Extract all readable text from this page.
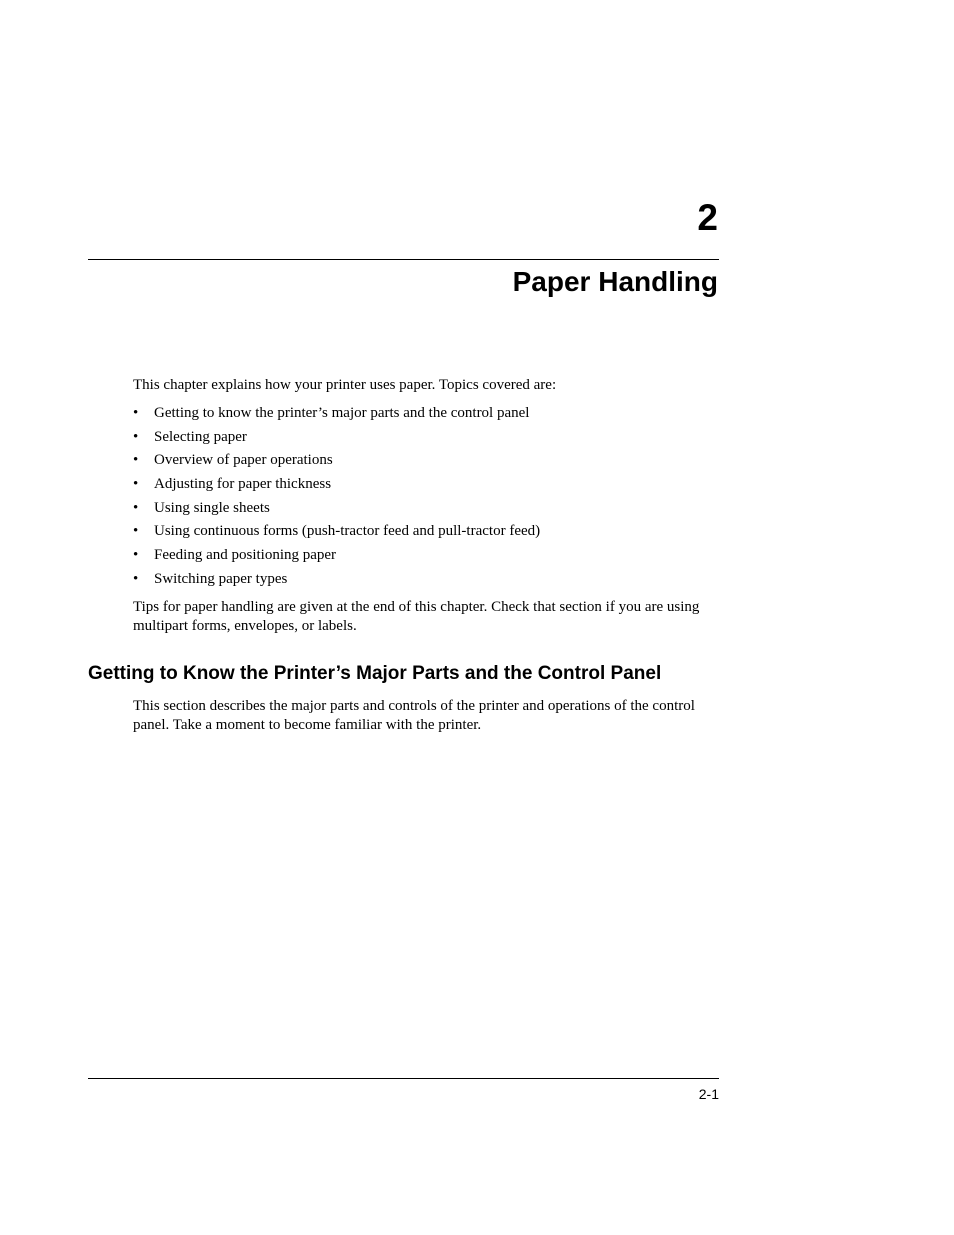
2
Paper Handling

This chapter explains how your printer uses paper. Topics covered are:

• Getting to know the printer’s major parts and the control panel
• Selecting paper
• Overview of paper operations
• Adjusting for paper thickness
• Using single sheets
• Using continuous forms (push-tractor feed and pull-tractor feed)
• Feeding and positioning paper
• Switching paper types

Tips for paper handling are given at the end of this chapter. Check that section if you are using multipart forms, envelopes, or labels.

Getting to Know the Printer’s Major Parts and the Control Panel

This section describes the major parts and controls of the printer and operations of the control panel. Take a moment to become familiar with the printer.

2-1
